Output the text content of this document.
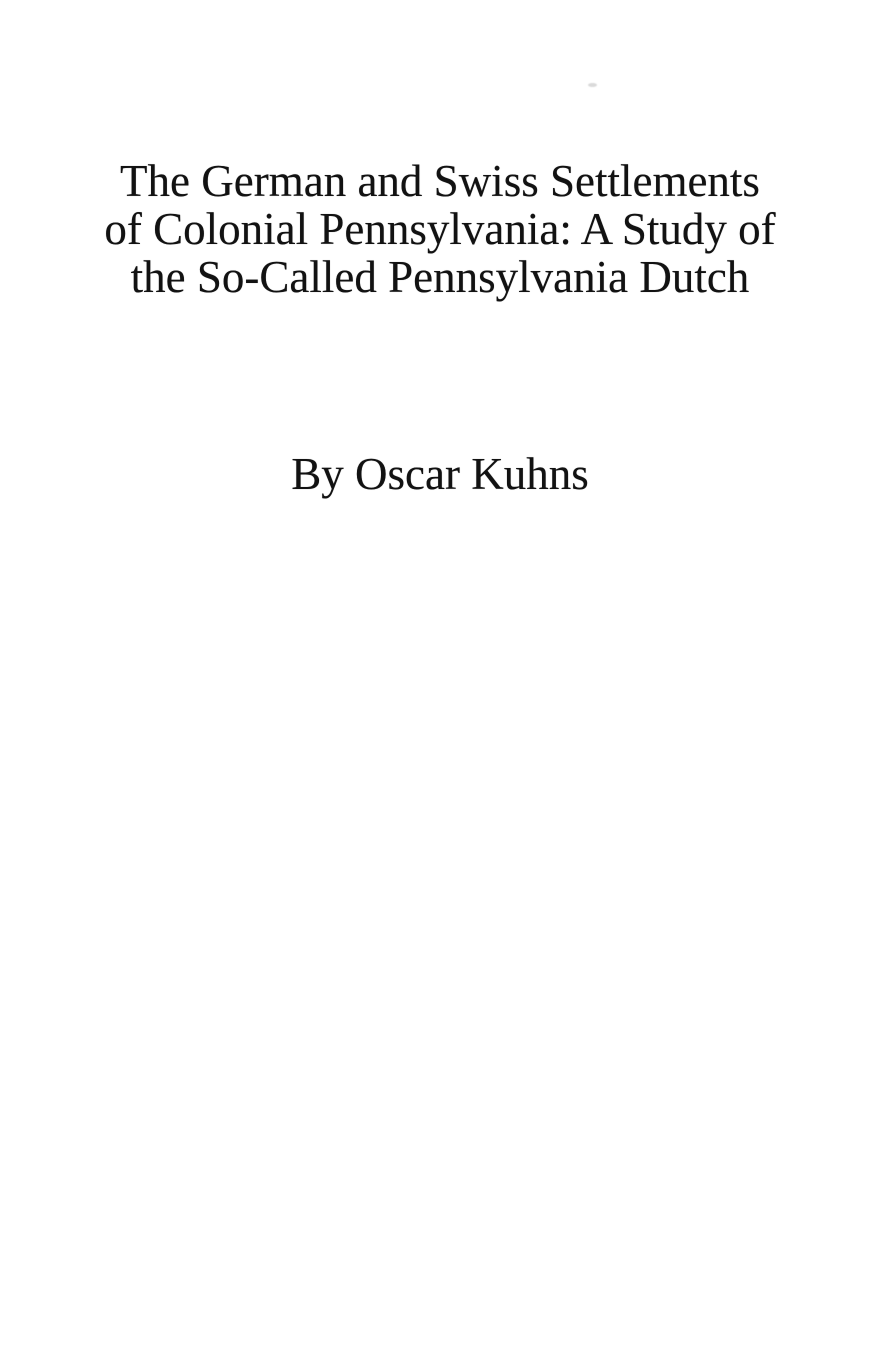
The German and Swiss Settlements
of Colonial Pennsylvania: A Study of
the So-Called Pennsylvania Dutch
By Oscar Kuhns
